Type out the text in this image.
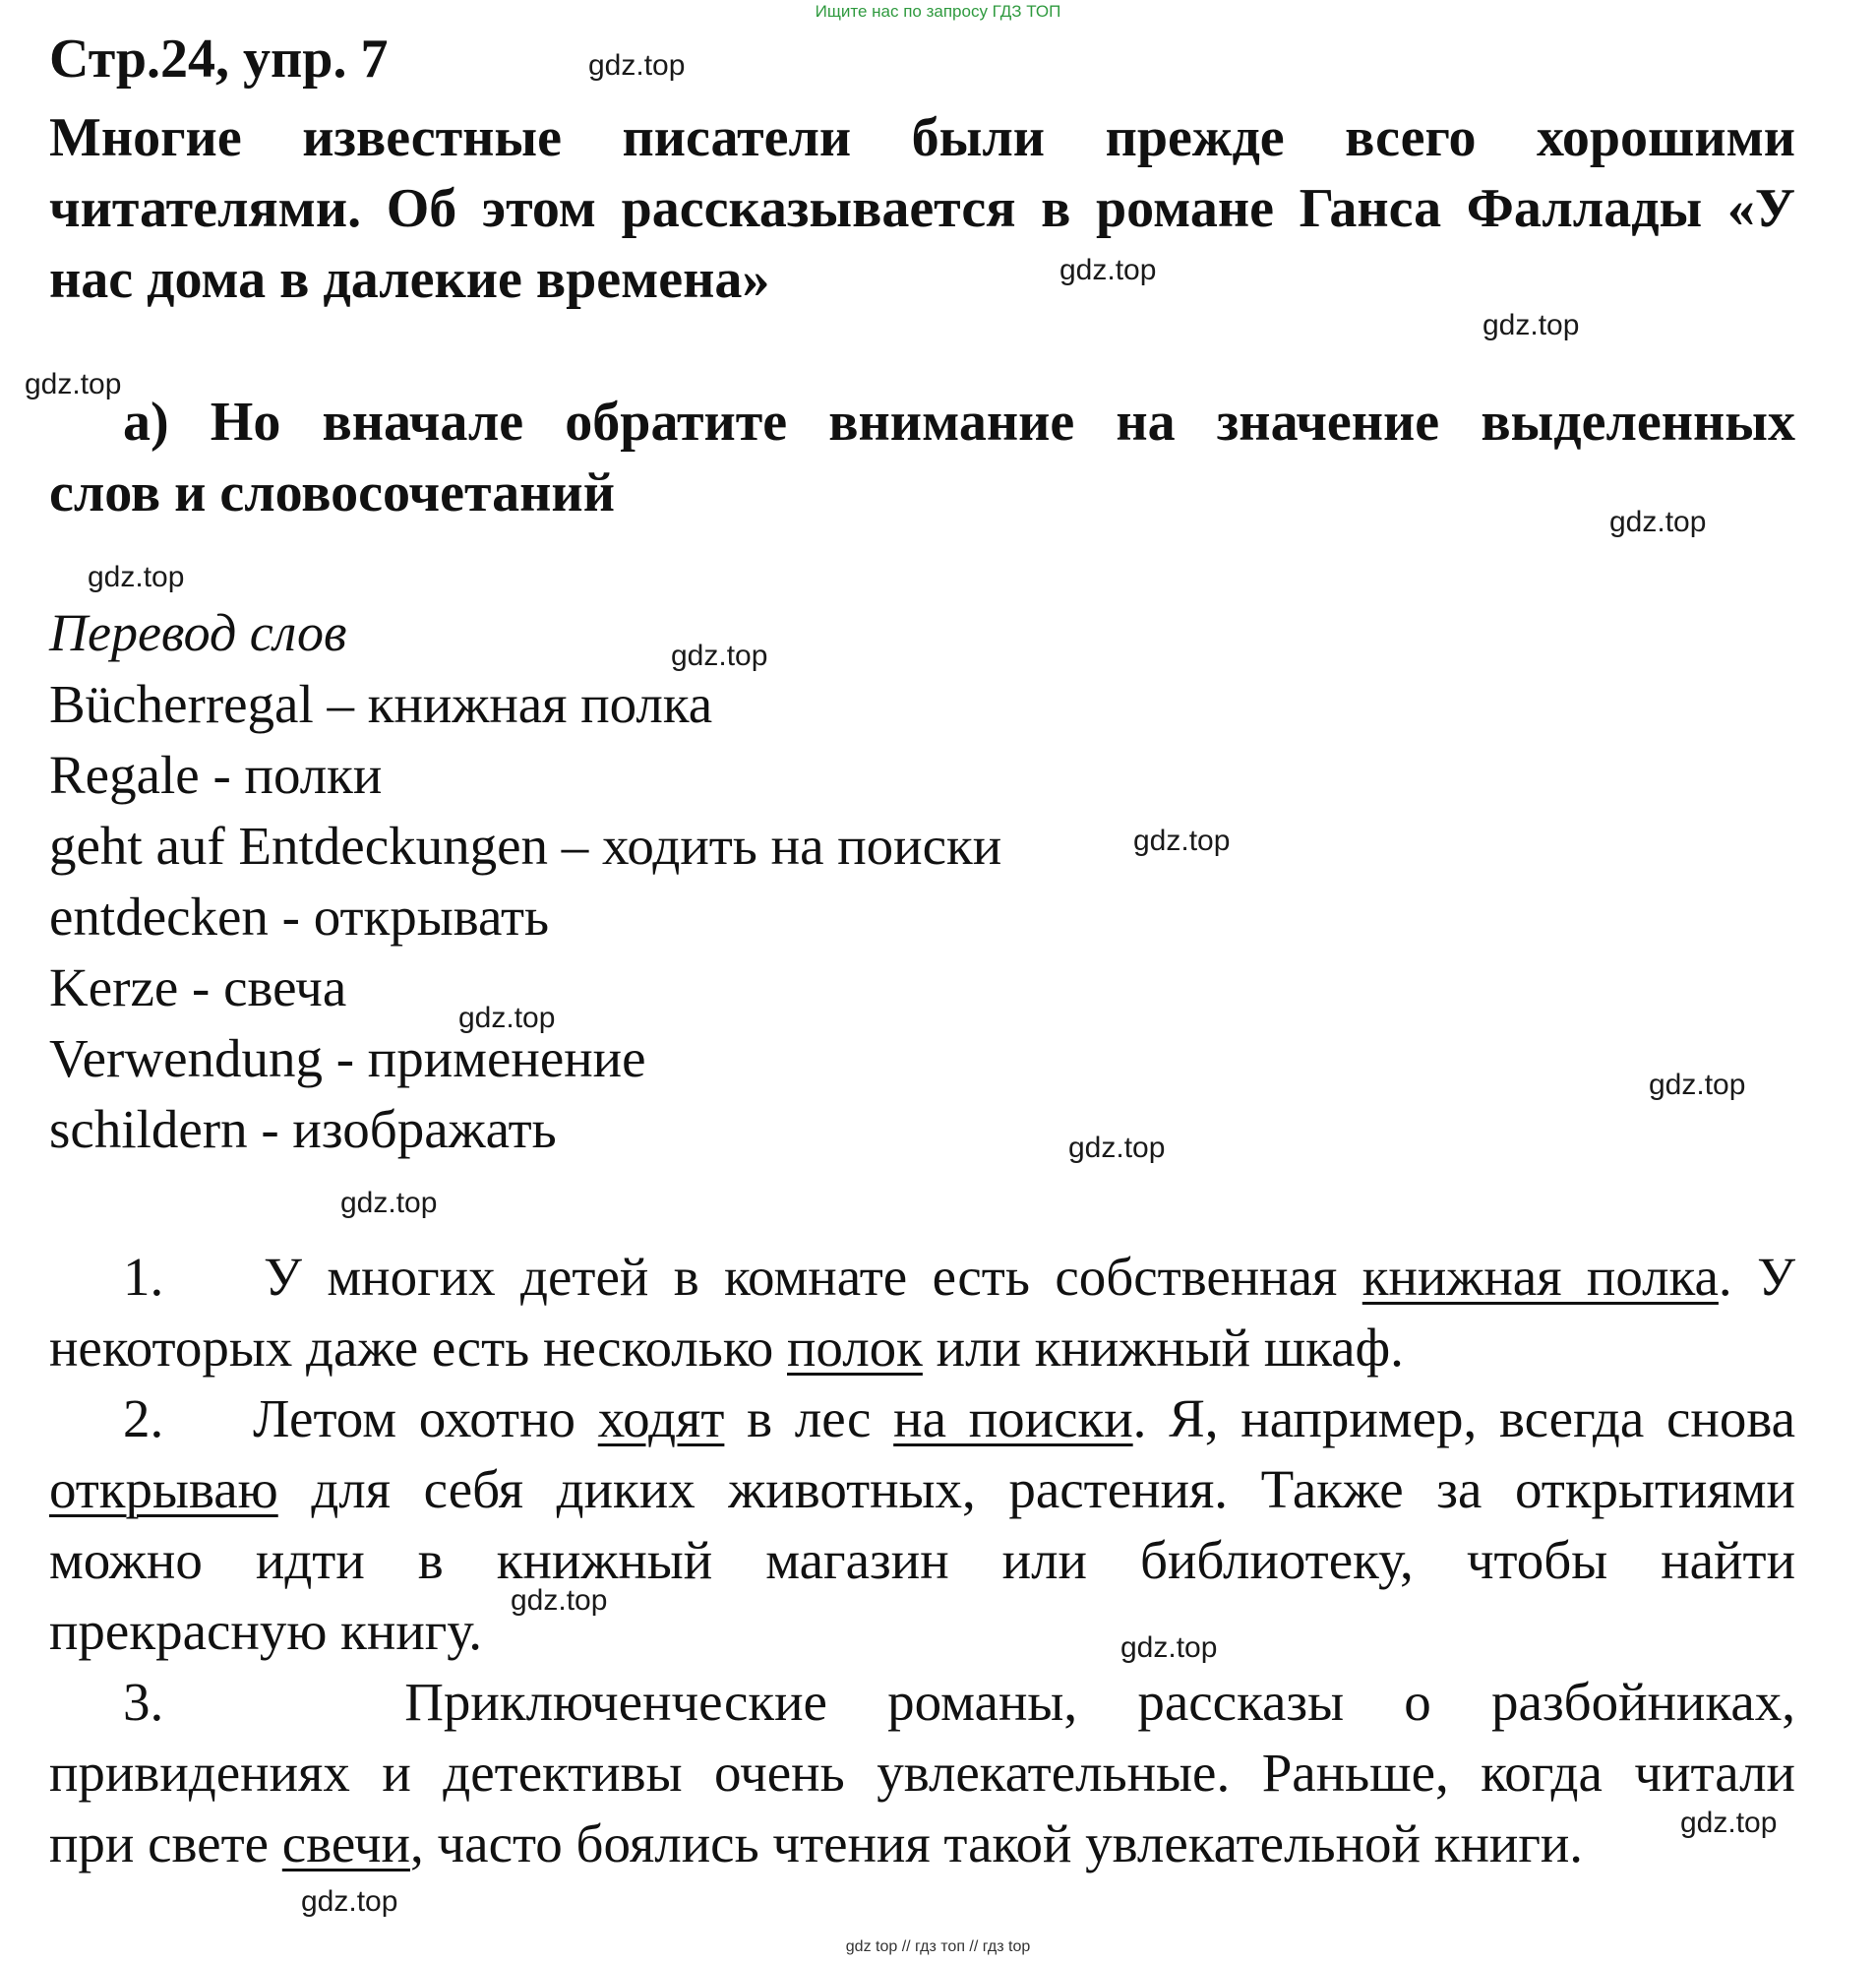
Ищите нас по запросу ГДЗ ТОП
Стр.24, упр. 7	gdz.top
gdz.top
gdz.top
gdz.top
gdz.top
gdz.top
gdz.top
gdz.top
gdz.top
gdz.top
gdz.top
gdz.top
gdz.top
gdz.top
gdz.top
gdz.top
Многие известные писатели были прежде всего хорошими
читателями. Об этом рассказывается в романе Ганса Фаллады «У
нас дома в далекие времена»
а) Но вначале обратите внимание на значение выделенных
слов и словосочетаний
Перевод слов
Bücherregal – книжная полка
Regale - полки
geht auf Entdeckungen – ходить на поиски
entdecken - открывать
Kerze - свеча
Verwendung - применение
schildern - изображать
1. У многих детей в комнате есть собственная книжная полка. У
некоторых даже есть несколько полок или книжный шкаф.
2. Летом охотно ходят в лес на поиски. Я, например, всегда снова
открываю для себя диких животных, растения. Также за открытиями
можно идти в книжный магазин или библиотеку, чтобы найти
прекрасную книгу.
3.	Приключенческие романы, рассказы о разбойниках,
привидениях и детективы очень увлекательные. Раньше, когда читали
при свете свечи, часто боялись чтения такой увлекательной книги.
gdz top // гдз топ // гдз top
